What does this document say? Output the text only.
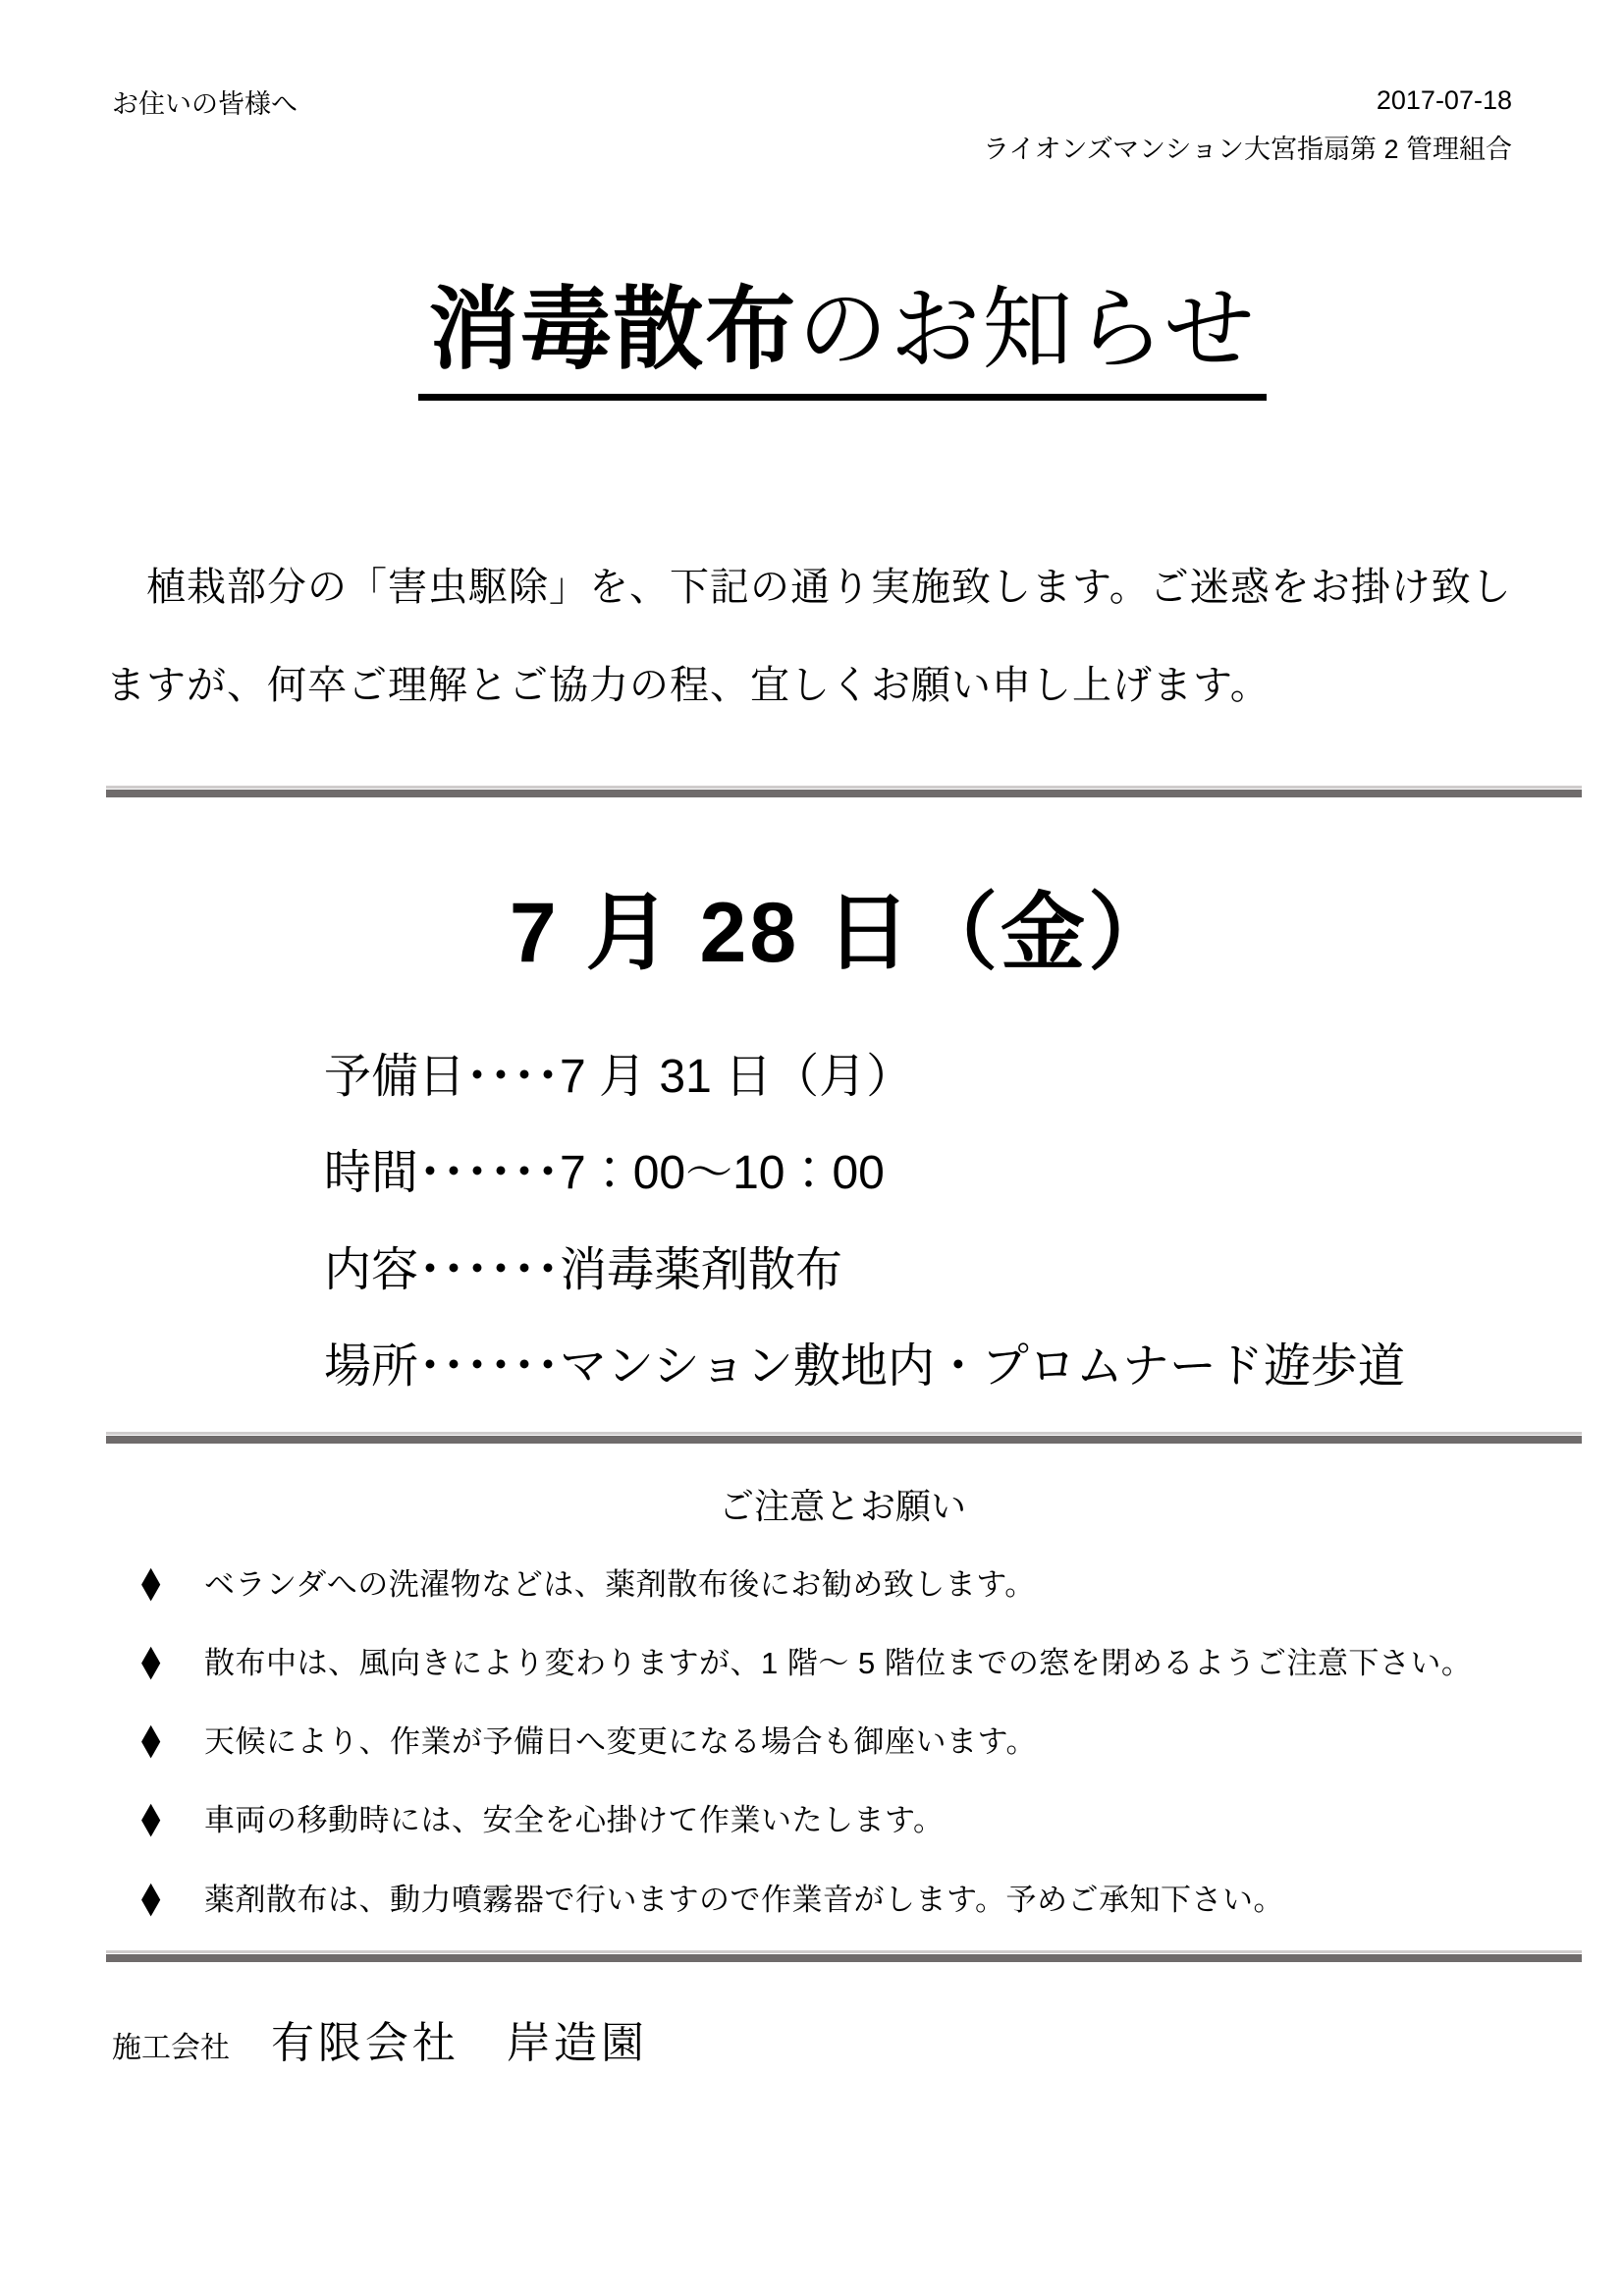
お住いの皆様へ	2017-07-18
ライオンズマンション大宮指扇第 2 管理組合
消毒散布のお知らせ

　植栽部分の「害虫駆除」を、下記の通り実施致します。ご迷惑をお掛け致しますが、何卒ご理解とご協力の程、宜しくお願い申し上げます。

7 月 28 日（金）
予備日････7 月 31 日（月）
時間･･････7：00～10：00
内容･･････消毒薬剤散布
場所･･････マンション敷地内・プロムナード遊歩道
ご注意とお願い
◆	ベランダへの洗濯物などは、薬剤散布後にお勧め致します。
◆	散布中は、風向きにより変わりますが、1 階～ 5 階位までの窓を閉めるようご注意下さい。
◆	天候により、作業が予備日へ変更になる場合も御座います。
◆	車両の移動時には、安全を心掛けて作業いたします。
◆	薬剤散布は、動力噴霧器で行いますので作業音がします。予めご承知下さい。
施工会社 有限会社　岸造園
